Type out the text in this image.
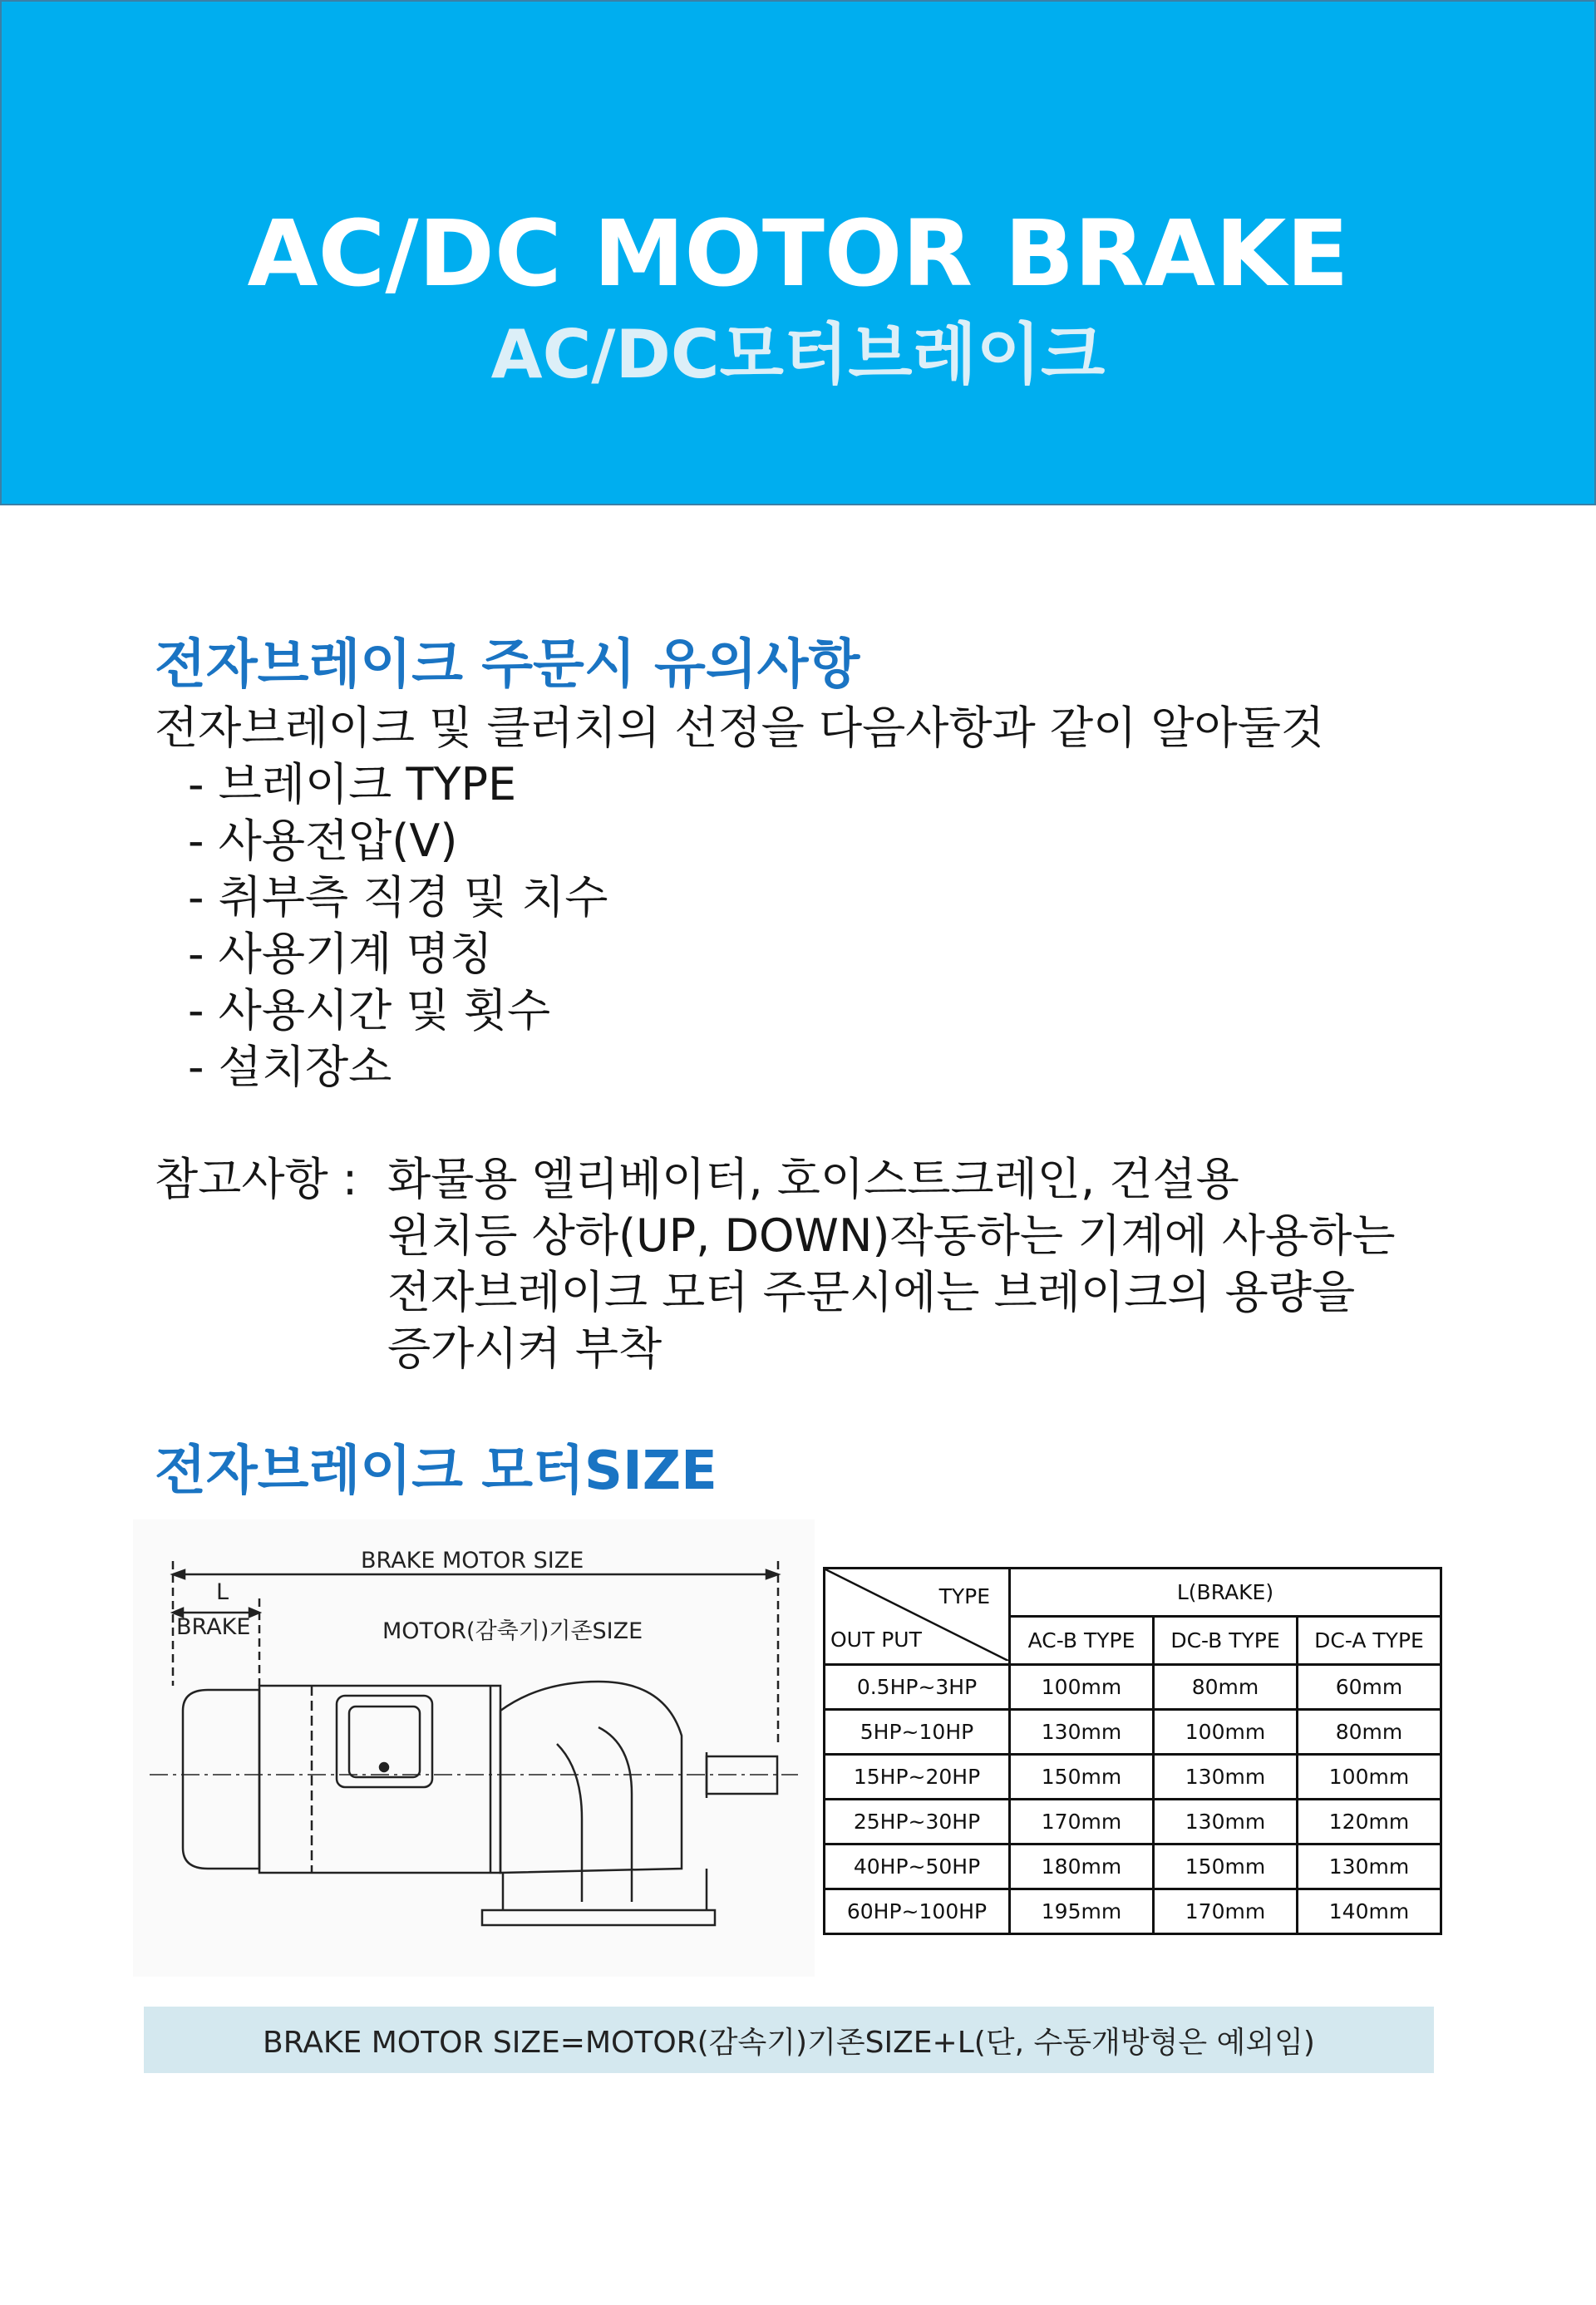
AC/DC MOTOR BRAKE
AC/DC모터브레이크
전자브레이크 주문시 유의사항
전자브레이크 및 클러치의 선정을 다음사항과 같이 알아둘것
- 브레이크 TYPE
- 사용전압(V)
- 취부측 직경 및 치수
- 사용기계 명칭
- 사용시간 및 횟수
- 설치장소
참고사항 : 화물용 엘리베이터, 호이스트크레인, 건설용
윈치등 상하(UP, DOWN)작동하는 기계에 사용하는
전자브레이크 모터 주문시에는 브레이크의 용량을
증가시켜 부착
전자브레이크 모터SIZE
BRAKE MOTOR SIZE
L
BRAKE	MOTOR(감축기)기존SIZE
TYPE
OUT PUT	L(BRAKE)		
	AC-B TYPE	DC-B TYPE	DC-A TYPE
0.5HP~3HP	100mm	80mm	60mm
5HP~10HP	130mm	100mm	80mm
15HP~20HP	150mm	130mm	100mm
25HP~30HP	170mm	130mm	120mm
40HP~50HP	180mm	150mm	130mm
60HP~100HP	195mm	170mm	140mm
BRAKE MOTOR SIZE=MOTOR(감속기)기존SIZE+L(단, 수동개방형은 예외임)
